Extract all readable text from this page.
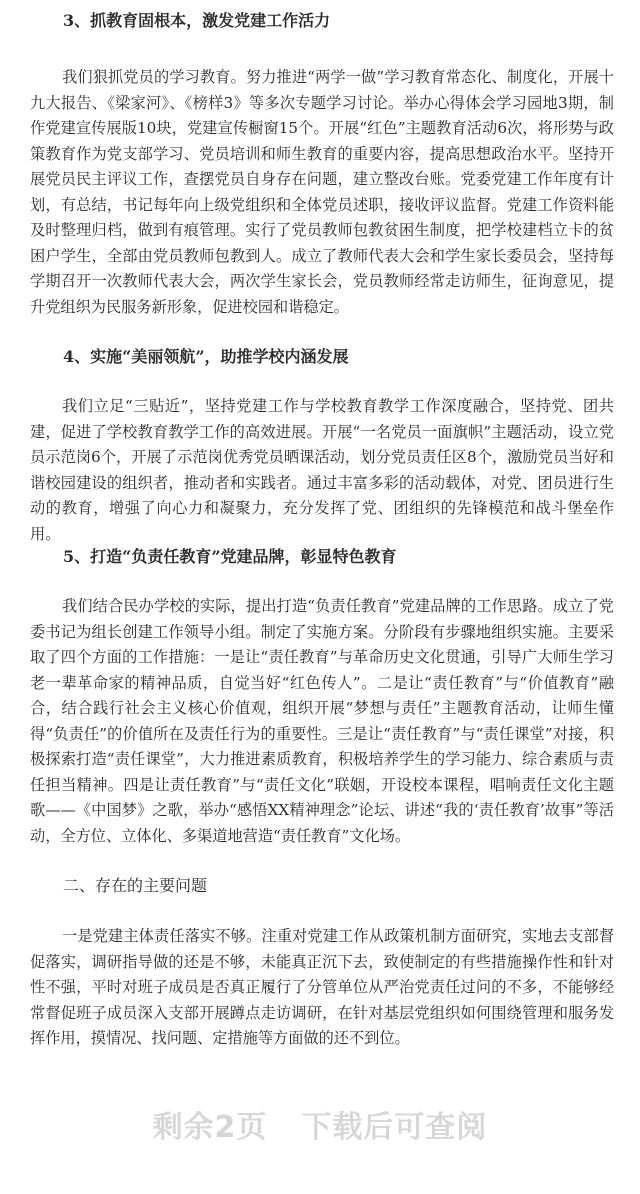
3、抓教育固根本，激发党建工作活力

我们狠抓党员的学习教育。努力推进“两学一做”学习教育常态化、制度化，开展十九大报告、《梁家河》、《榜样3》等多次专题学习讨论。举办心得体会学习园地3期，制作党建宣传展版10块，党建宣传橱窗15个。开展“红色”主题教育活动6次，将形势与政策教育作为党支部学习、党员培训和师生教育的重要内容，提高思想政治水平。坚持开展党员民主评议工作，查摆党员自身存在问题，建立整改台账。党委党建工作年度有计划，有总结，书记每年向上级党组织和全体党员述职，接收评议监督。党建工作资料能及时整理归档，做到有痕管理。实行了党员教师包教贫困生制度，把学校建档立卡的贫困户学生，全部由党员教师包教到人。成立了教师代表大会和学生家长委员会，坚持每学期召开一次教师代表大会，两次学生家长会，党员教师经常走访师生，征询意见，提升党组织为民服务新形象，促进校园和谐稳定。

4、实施“美丽领航”，助推学校内涵发展

我们立足“三贴近”，坚持党建工作与学校教育教学工作深度融合，坚持党、团共建，促进了学校教育教学工作的高效进展。开展“一名党员一面旗帜”主题活动，设立党员示范岗6个，开展了示范岗优秀党员晒课活动，划分党员责任区8个，激励党员当好和谐校园建设的组织者，推动者和实践者。通过丰富多彩的活动载体，对党、团员进行生动的教育，增强了向心力和凝聚力，充分发挥了党、团组织的先锋模范和战斗堡垒作用。

5、打造“负责任教育”党建品牌，彰显特色教育

我们结合民办学校的实际，提出打造“负责任教育”党建品牌的工作思路。成立了党委书记为组长创建工作领导小组。制定了实施方案。分阶段有步骤地组织实施。主要采取了四个方面的工作措施：一是让“责任教育”与革命历史文化贯通，引导广大师生学习老一辈革命家的精神品质，自觉当好“红色传人”。二是让“责任教育”与“价值教育”融合，结合践行社会主义核心价值观，组织开展“梦想与责任”主题教育活动，让师生懂得“负责任”的价值所在及责任行为的重要性。三是让“责任教育”与“责任课堂”对接，积极探索打造“责任课堂”，大力推进素质教育，积极培养学生的学习能力、综合素质与责任担当精神。四是让责任教育”与“责任文化”联姻，开设校本课程，唱响责任文化主题歌——《中国梦》之歌，举办“感悟XX精神理念”论坛、讲述“我的‘责任教育’故事”等活动，全方位、立体化、多渠道地营造“责任教育”文化场。

二、存在的主要问题

一是党建主体责任落实不够。注重对党建工作从政策机制方面研究，实地去支部督促落实，调研指导做的还是不够，未能真正沉下去，致使制定的有些措施操作性和针对性不强，平时对班子成员是否真正履行了分管单位从严治党责任过问的不多，不能够经常督促班子成员深入支部开展蹲点走访调研，在针对基层党组织如何围绕管理和服务发挥作用，摸情况、找问题、定措施等方面做的还不到位。

剩余2页 下载后可查阅
